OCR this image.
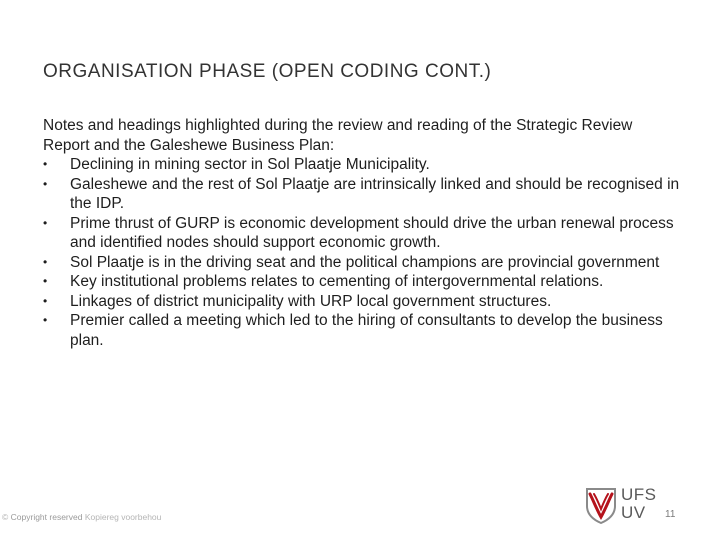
ORGANISATION PHASE (OPEN CODING CONT.)

Notes and headings highlighted during the review and reading of the Strategic Review Report and the Galeshewe Business Plan:

•	Declining in mining sector in Sol Plaatje Municipality.
•	Galeshewe and the rest of Sol Plaatje are intrinsically linked and should be recognised in the IDP.
•	Prime thrust of GURP is economic development should drive the urban renewal process and identified nodes should support economic growth.
•	Sol Plaatje is in the driving seat and the political champions are provincial government
•	Key institutional problems relates to cementing of intergovernmental relations.
•	Linkages of district municipality with URP local government structures.
•	Premier called a meeting which led to the hiring of consultants to develop the business plan.
© Copyright reserved Kopiereg voorbehou
UFS
UV	11
